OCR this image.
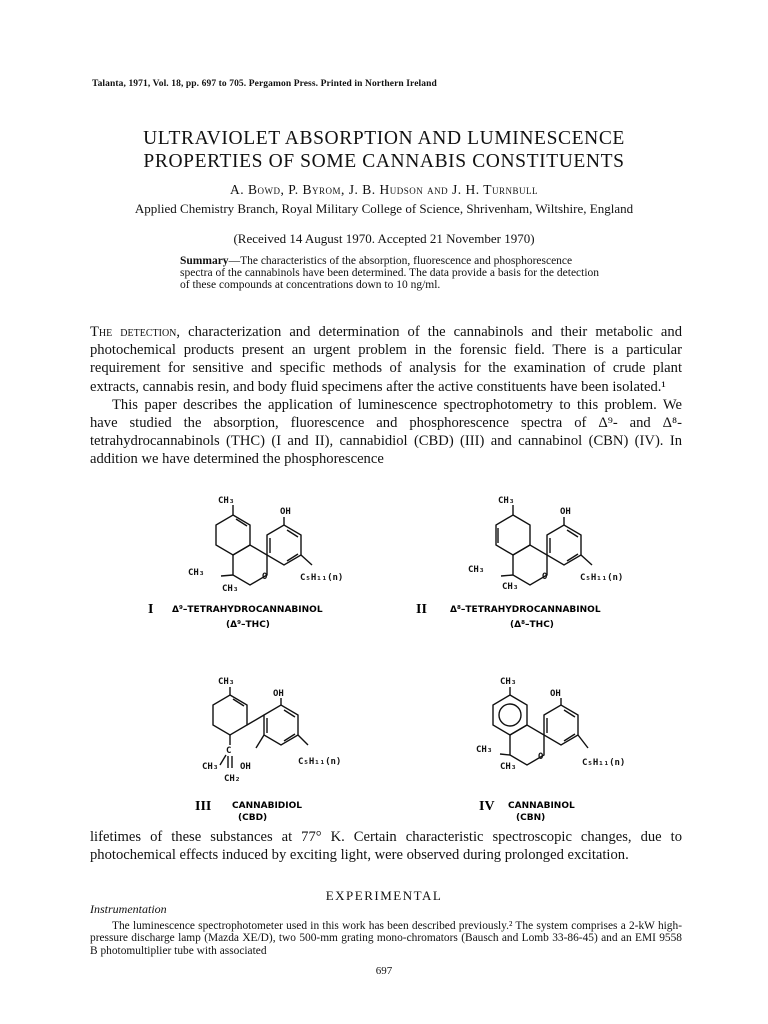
Talanta, 1971, Vol. 18, pp. 697 to 705. Pergamon Press. Printed in Northern Ireland
ULTRAVIOLET ABSORPTION AND LUMINESCENCE
PROPERTIES OF SOME CANNABIS CONSTITUENTS
A. Bowd, P. Byrom, J. B. Hudson and J. H. Turnbull
Applied Chemistry Branch, Royal Military College of Science, Shrivenham, Wiltshire, England
(Received 14 August 1970. Accepted 21 November 1970)
Summary—The characteristics of the absorption, fluorescence and phosphorescence spectra of the cannabinols have been determined. The data provide a basis for the detection of these compounds at concentrations down to 10 ng/ml.

The detection, characterization and determination of the cannabinols and their metabolic and photochemical products present an urgent problem in the forensic field. There is a particular requirement for sensitive and specific methods of analysis for the examination of crude plant extracts, cannabis resin, and body fluid specimens after the active constituents have been isolated.¹

This paper describes the application of luminescence spectrophotometry to this problem. We have studied the absorption, fluorescence and phosphorescence spectra of Δ⁹- and Δ⁸-tetrahydrocannabinols (THC) (I and II), cannabidiol (CBD) (III) and cannabinol (CBN) (IV). In addition we have determined the phosphorescence

CH₃
OH
CH₃
CH₃
O	C₅H₁₁(n)
I Δ⁹–TETRAHYDROCANNABINOL
(Δ⁹–THC)
CH₃
OH
CH₃
CH₃
O	C₅H₁₁(n)
II	Δ⁸–TETRAHYDROCANNABINOL
(Δ⁸–THC)
CH₃
OH
C
CH₃ OH
CH₂
C₅H₁₁(n)
III CANNABIDIOL
(CBD)
CH₃
OH
CH₃
CH₃
O
C₅H₁₁(n)
IV CANNABINOL
(CBN)

lifetimes of these substances at 77° K. Certain characteristic spectroscopic changes, due to photochemical effects induced by exciting light, were observed during prolonged excitation.

EXPERIMENTAL
Instrumentation

The luminescence spectrophotometer used in this work has been described previously.² The system comprises a 2-kW high-pressure discharge lamp (Mazda XE/D), two 500-mm grating mono-chromators (Bausch and Lomb 33-86-45) and an EMI 9558 B photomultiplier tube with associated

697
